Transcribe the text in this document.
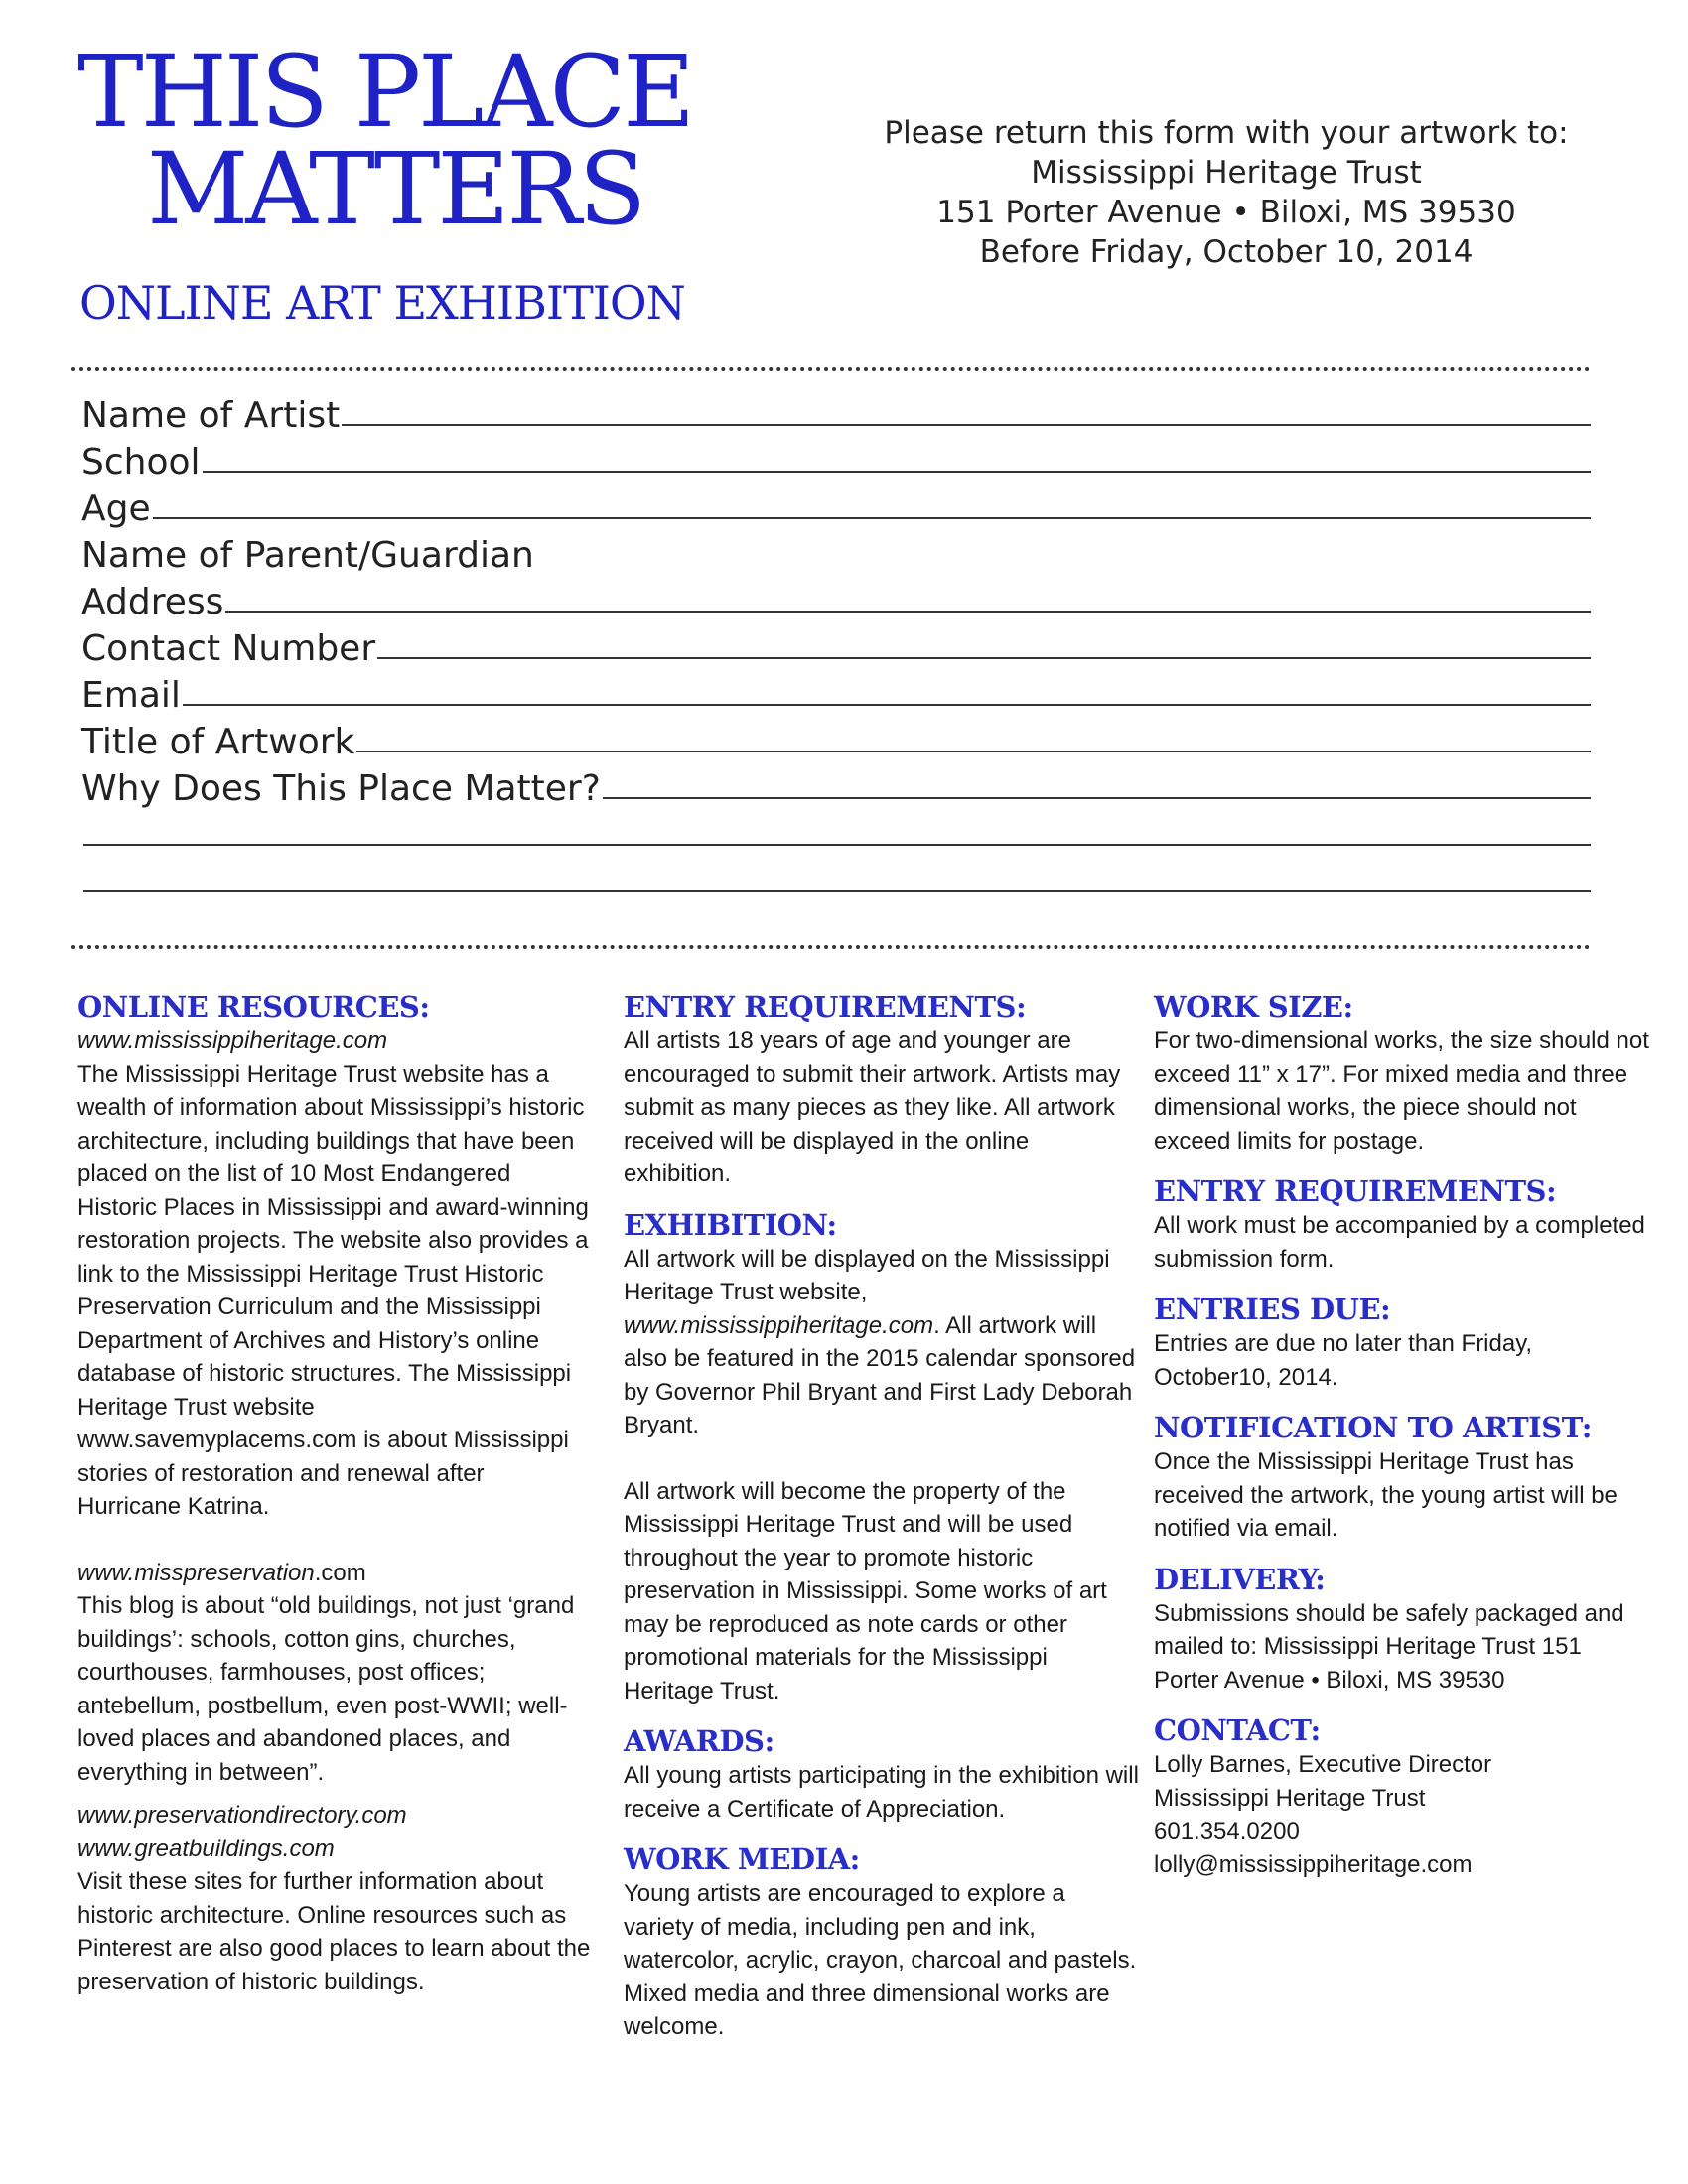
THIS PLACE
MATTERS
ONLINE ART EXHIBITION
Please return this form with your artwork to:
Mississippi Heritage Trust
151 Porter Avenue • Biloxi, MS 39530
Before Friday, October 10, 2014
Name of Artist
School
Age
Name of Parent/Guardian
Address
Contact Number
Email
Title of Artwork
Why Does This Place Matter?
ONLINE RESOURCES:

www.mississippiheritage.com

The Mississippi Heritage Trust website has a wealth of information about Mississippi’s historic architecture, including buildings that have been placed on the list of 10 Most Endangered Historic Places in Mississippi and award-winning restoration projects. The website also provides a link to the Mississippi Heritage Trust Historic Preservation Curriculum and the Mississippi Department of Archives and History’s online database of historic structures. The Mississippi Heritage Trust website www.savemyplacems.com is about Mississippi stories of restoration and renewal after Hurricane Katrina.

www.misspreservation.com

This blog is about “old buildings, not just ‘grand buildings’: schools, cotton gins, churches, courthouses, farmhouses, post offices; antebellum, postbellum, even post-WWII; well-loved places and abandoned places, and everything in between”.

www.preservationdirectory.com

www.greatbuildings.com

Visit these sites for further information about historic architecture. Online resources such as Pinterest are also good places to learn about the preservation of historic buildings.

ENTRY REQUIREMENTS:

All artists 18 years of age and younger are encouraged to submit their artwork. Artists may submit as many pieces as they like. All artwork received will be displayed in the online exhibition.

EXHIBITION:

All artwork will be displayed on the Mississippi Heritage Trust website, www.mississippiheritage.com. All artwork will also be featured in the 2015 calendar sponsored by Governor Phil Bryant and First Lady Deborah Bryant.

All artwork will become the property of the Mississippi Heritage Trust and will be used throughout the year to promote historic preservation in Mississippi. Some works of art may be reproduced as note cards or other promotional materials for the Mississippi Heritage Trust.

AWARDS:

All young artists participating in the exhibition will receive a Certificate of Appreciation.

WORK MEDIA:

Young artists are encouraged to explore a variety of media, including pen and ink, watercolor, acrylic, crayon, charcoal and pastels. Mixed media and three dimensional works are welcome.

WORK SIZE:

For two-dimensional works, the size should not exceed 11” x 17”. For mixed media and three dimensional works, the piece should not exceed limits for postage.

ENTRY REQUIREMENTS:

All work must be accompanied by a completed submission form.

ENTRIES DUE:

Entries are due no later than Friday, October10, 2014.

NOTIFICATION TO ARTIST:

Once the Mississippi Heritage Trust has received the artwork, the young artist will be notified via email.

DELIVERY:

Submissions should be safely packaged and mailed to: Mississippi Heritage Trust 151 Porter Avenue • Biloxi, MS 39530

CONTACT:

Lolly Barnes, Executive Director

Mississippi Heritage Trust

601.354.0200

lolly@mississippiheritage.com
